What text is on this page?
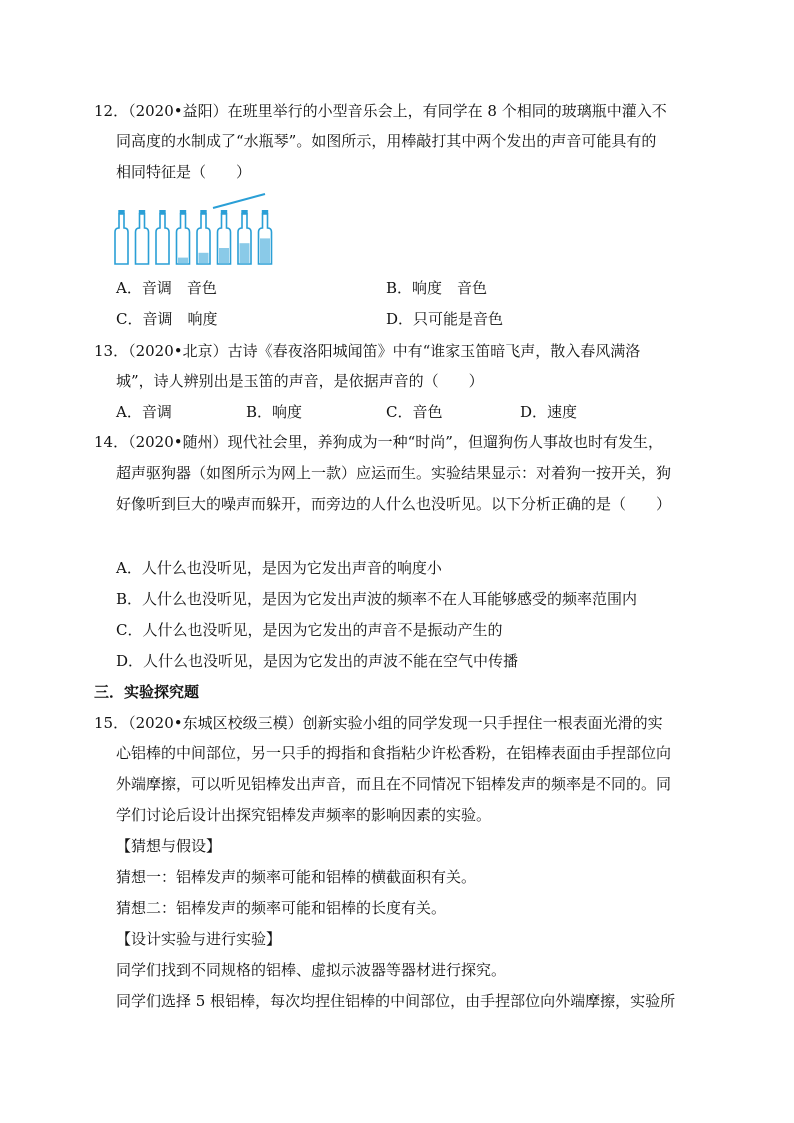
12．（2020•益阳）在班里举行的小型音乐会上，有同学在 8 个相同的玻璃瓶中灌入不
同高度的水制成了“水瓶琴”。如图所示，用棒敲打其中两个发出的声音可能具有的
相同特征是（　　）
A．音调　音色	B．响度　音色
C．音调　响度	D．只可能是音色
13．（2020•北京）古诗《春夜洛阳城闻笛》中有“谁家玉笛暗飞声，散入春风满洛
城”，诗人辨别出是玉笛的声音，是依据声音的（　　）
A．音调	B．响度	C．音色	D．速度
14．（2020•随州）现代社会里，养狗成为一种“时尚”，但遛狗伤人事故也时有发生，
超声驱狗器（如图所示为网上一款）应运而生。实验结果显示：对着狗一按开关，狗
好像听到巨大的噪声而躲开，而旁边的人什么也没听见。以下分析正确的是（　　）
A．人什么也没听见，是因为它发出声音的响度小
B．人什么也没听见，是因为它发出声波的频率不在人耳能够感受的频率范围内
C．人什么也没听见，是因为它发出的声音不是振动产生的
D．人什么也没听见，是因为它发出的声波不能在空气中传播
三．实验探究题
15．（2020•东城区校级三模）创新实验小组的同学发现一只手捏住一根表面光滑的实
心铝棒的中间部位，另一只手的拇指和食指粘少许松香粉，在铝棒表面由手捏部位向
外端摩擦，可以听见铝棒发出声音，而且在不同情况下铝棒发声的频率是不同的。同
学们讨论后设计出探究铝棒发声频率的影响因素的实验。
【猜想与假设】
猜想一：铝棒发声的频率可能和铝棒的横截面积有关。
猜想二：铝棒发声的频率可能和铝棒的长度有关。
【设计实验与进行实验】
同学们找到不同规格的铝棒、虚拟示波器等器材进行探究。
同学们选择 5 根铝棒，每次均捏住铝棒的中间部位，由手捏部位向外端摩擦，实验所
